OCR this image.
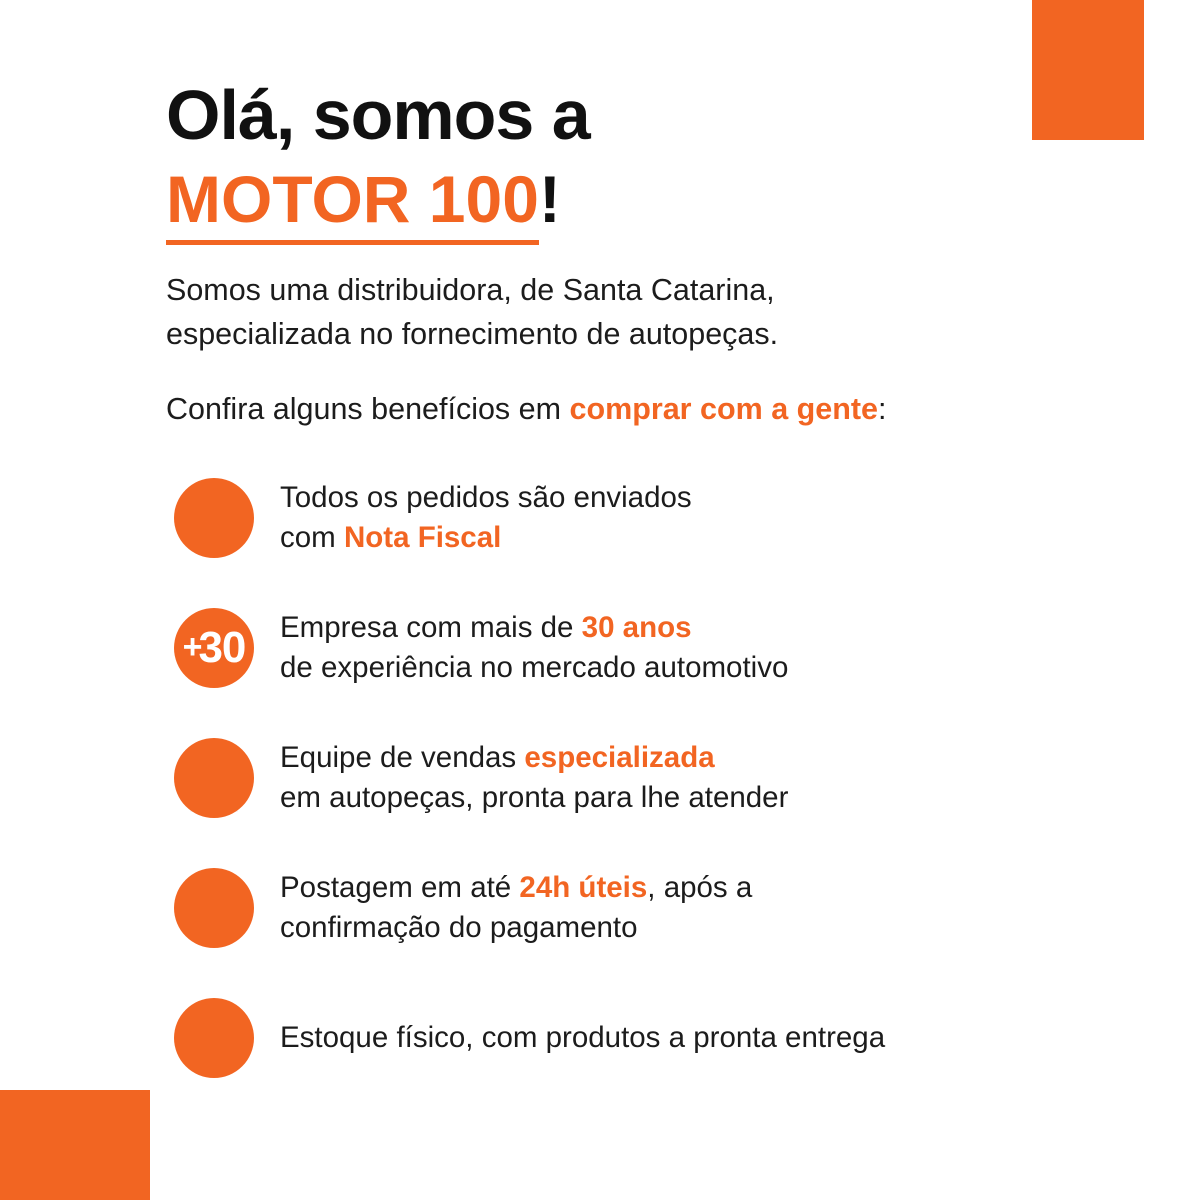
Olá, somos a
MOTOR 100!

Somos uma distribuidora, de Santa Catarina,
especializada no fornecimento de autopeças.

Confira alguns benefícios em comprar com a gente:

Todos os pedidos são enviados
com Nota Fiscal
+
30 Empresa com mais de 30 anos
de experiência no mercado automotivo
Equipe de vendas especializada
em autopeças, pronta para lhe atender
Postagem em até 24h úteis, após a
confirmação do pagamento
Estoque físico, com produtos a pronta entrega
